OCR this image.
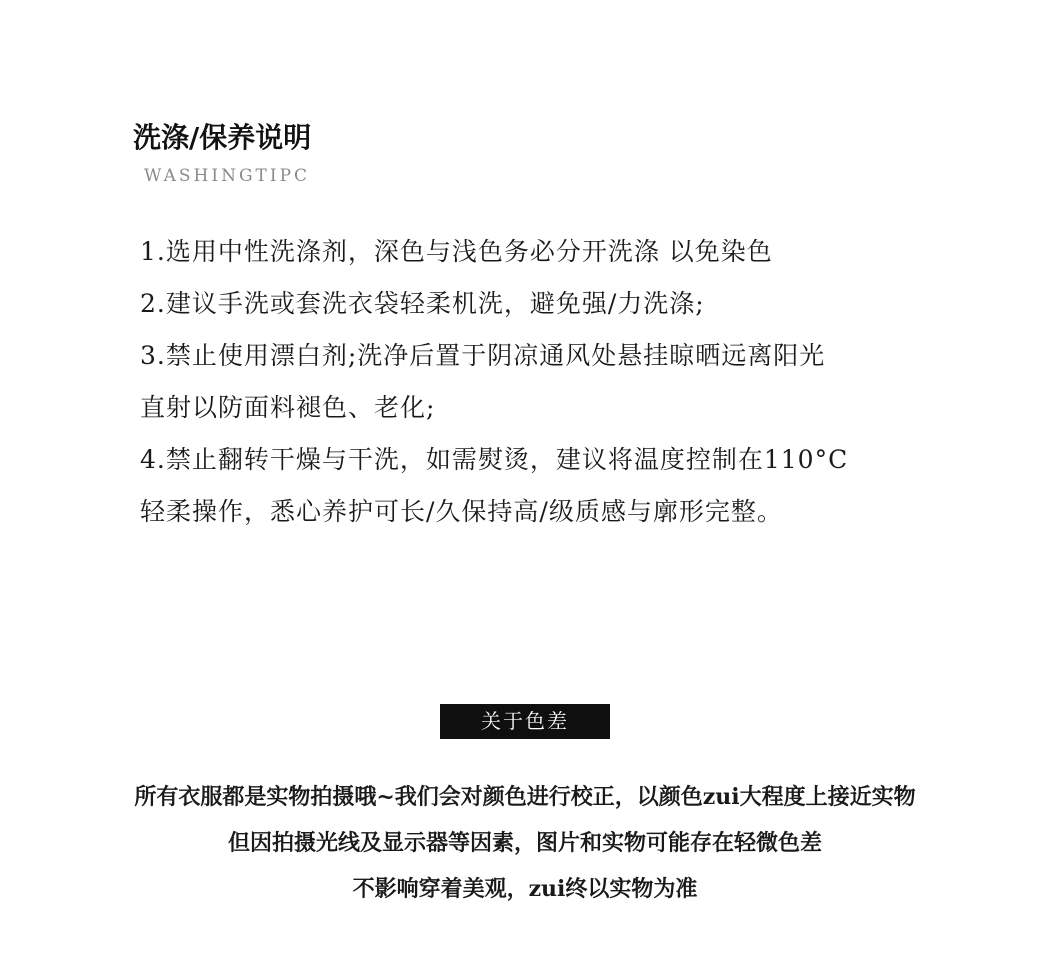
洗涤/保养说明
WASHINGTIPC
1.选用中性洗涤剂，深色与浅色务必分开洗涤 以免染色
2.建议手洗或套洗衣袋轻柔机洗，避免强/力洗涤;
3.禁止使用漂白剂;洗净后置于阴凉通风处悬挂晾晒远离阳光
直射以防面料褪色、老化;
4.禁止翻转干燥与干洗，如需熨烫，建议将温度控制在110°C
轻柔操作，悉心养护可长/久保持高/级质感与廓形完整。
关于色差
所有衣服都是实物拍摄哦~我们会对颜色进行校正，以颜色zui大程度上接近实物
但因拍摄光线及显示器等因素，图片和实物可能存在轻微色差
不影响穿着美观，zui终以实物为准
